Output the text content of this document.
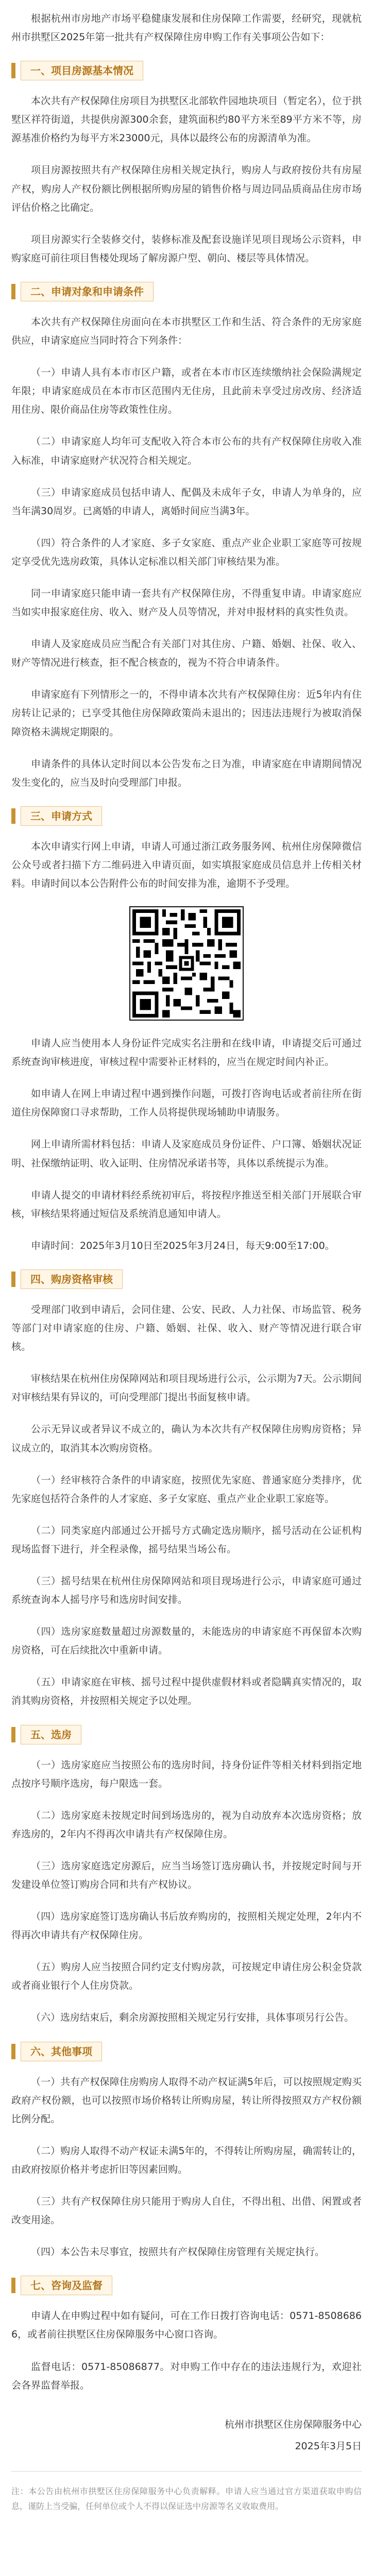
根据杭州市房地产市场平稳健康发展和住房保障工作需要，经研究，现就杭州市拱墅区2025年第一批共有产权保障住房申购工作有关事项公告如下：

一、项目房源基本情况

本次共有产权保障住房项目为拱墅区北部软件园地块项目（暂定名），位于拱墅区祥符街道，共提供房源300余套，建筑面积约80平方米至89平方米不等，房源基准价格约为每平方米23000元，具体以最终公布的房源清单为准。

项目房源按照共有产权保障住房相关规定执行，购房人与政府按份共有房屋产权，购房人产权份额比例根据所购房屋的销售价格与周边同品质商品住房市场评估价格之比确定。

项目房源实行全装修交付，装修标准及配套设施详见项目现场公示资料，申购家庭可前往项目售楼处现场了解房源户型、朝向、楼层等具体情况。

二、申请对象和申请条件

本次共有产权保障住房面向在本市拱墅区工作和生活、符合条件的无房家庭供应，申请家庭应当同时符合下列条件：

（一）申请人具有本市市区户籍，或者在本市市区连续缴纳社会保险满规定年限；申请家庭成员在本市市区范围内无住房，且此前未享受过房改房、经济适用住房、限价商品住房等政策性住房。

（二）申请家庭人均年可支配收入符合本市公布的共有产权保障住房收入准入标准，申请家庭财产状况符合相关规定。

（三）申请家庭成员包括申请人、配偶及未成年子女，申请人为单身的，应当年满30周岁。已离婚的申请人，离婚时间应当满3年。

（四）符合条件的人才家庭、多子女家庭、重点产业企业职工家庭等可按规定享受优先选房政策，具体认定标准以相关部门审核结果为准。

同一申请家庭只能申请一套共有产权保障住房，不得重复申请。申请家庭应当如实申报家庭住房、收入、财产及人员等情况，并对申报材料的真实性负责。

申请人及家庭成员应当配合有关部门对其住房、户籍、婚姻、社保、收入、财产等情况进行核查，拒不配合核查的，视为不符合申请条件。

申请家庭有下列情形之一的，不得申请本次共有产权保障住房：近5年内有住房转让记录的；已享受其他住房保障政策尚未退出的；因违法违规行为被取消保障资格未满规定期限的。

申请条件的具体认定时间以本公告发布之日为准，申请家庭在申请期间情况发生变化的，应当及时向受理部门申报。

三、申请方式

本次申请实行网上申请，申请人可通过浙江政务服务网、杭州住房保障微信公众号或者扫描下方二维码进入申请页面，如实填报家庭成员信息并上传相关材料。申请时间以本公告附件公布的时间安排为准，逾期不予受理。

申请人应当使用本人身份证件完成实名注册和在线申请，申请提交后可通过系统查询审核进度，审核过程中需要补正材料的，应当在规定时间内补正。

如申请人在网上申请过程中遇到操作问题，可拨打咨询电话或者前往所在街道住房保障窗口寻求帮助，工作人员将提供现场辅助申请服务。

网上申请所需材料包括：申请人及家庭成员身份证件、户口簿、婚姻状况证明、社保缴纳证明、收入证明、住房情况承诺书等，具体以系统提示为准。

申请人提交的申请材料经系统初审后，将按程序推送至相关部门开展联合审核，审核结果将通过短信及系统消息通知申请人。

申请时间：2025年3月10日至2025年3月24日，每天9:00至17:00。

四、购房资格审核

受理部门收到申请后，会同住建、公安、民政、人力社保、市场监管、税务等部门对申请家庭的住房、户籍、婚姻、社保、收入、财产等情况进行联合审核。

审核结果在杭州住房保障网站和项目现场进行公示，公示期为7天。公示期间对审核结果有异议的，可向受理部门提出书面复核申请。

公示无异议或者异议不成立的，确认为本次共有产权保障住房购房资格；异议成立的，取消其本次购房资格。

（一）经审核符合条件的申请家庭，按照优先家庭、普通家庭分类排序，优先家庭包括符合条件的人才家庭、多子女家庭、重点产业企业职工家庭等。

（二）同类家庭内部通过公开摇号方式确定选房顺序，摇号活动在公证机构现场监督下进行，并全程录像，摇号结果当场公布。

（三）摇号结果在杭州住房保障网站和项目现场进行公示，申请家庭可通过系统查询本人摇号序号和选房时间安排。

（四）选房家庭数量超过房源数量的，未能选房的申请家庭不再保留本次购房资格，可在后续批次中重新申请。

（五）申请家庭在审核、摇号过程中提供虚假材料或者隐瞒真实情况的，取消其购房资格，并按照相关规定予以处理。

五、选房

（一）选房家庭应当按照公布的选房时间，持身份证件等相关材料到指定地点按序号顺序选房，每户限选一套。

（二）选房家庭未按规定时间到场选房的，视为自动放弃本次选房资格；放弃选房的，2年内不得再次申请共有产权保障住房。

（三）选房家庭选定房源后，应当当场签订选房确认书，并按规定时间与开发建设单位签订购房合同和共有产权协议。

（四）选房家庭签订选房确认书后放弃购房的，按照相关规定处理，2年内不得再次申请共有产权保障住房。

（五）购房人应当按照合同约定支付购房款，可按规定申请住房公积金贷款或者商业银行个人住房贷款。

（六）选房结束后，剩余房源按照相关规定另行安排，具体事项另行公告。

六、其他事项

（一）共有产权保障住房购房人取得不动产权证满5年后，可以按照规定购买政府产权份额，也可以按照市场价格转让所购房屋，转让所得按照双方产权份额比例分配。

（二）购房人取得不动产权证未满5年的，不得转让所购房屋，确需转让的，由政府按原价格并考虑折旧等因素回购。

（三）共有产权保障住房只能用于购房人自住，不得出租、出借、闲置或者改变用途。

（四）本公告未尽事宜，按照共有产权保障住房管理有关规定执行。

七、咨询及监督

申请人在申购过程中如有疑问，可在工作日拨打咨询电话：0571-85086866，或者前往拱墅区住房保障服务中心窗口咨询。

监督电话：0571-85086877。对申购工作中存在的违法违规行为，欢迎社会各界监督举报。

杭州市拱墅区住房保障服务中心

2025年3月5日

注：本公告由杭州市拱墅区住房保障服务中心负责解释。申请人应当通过官方渠道获取申购信息，谨防上当受骗，任何单位或个人不得以保证选中房源等名义收取费用。
